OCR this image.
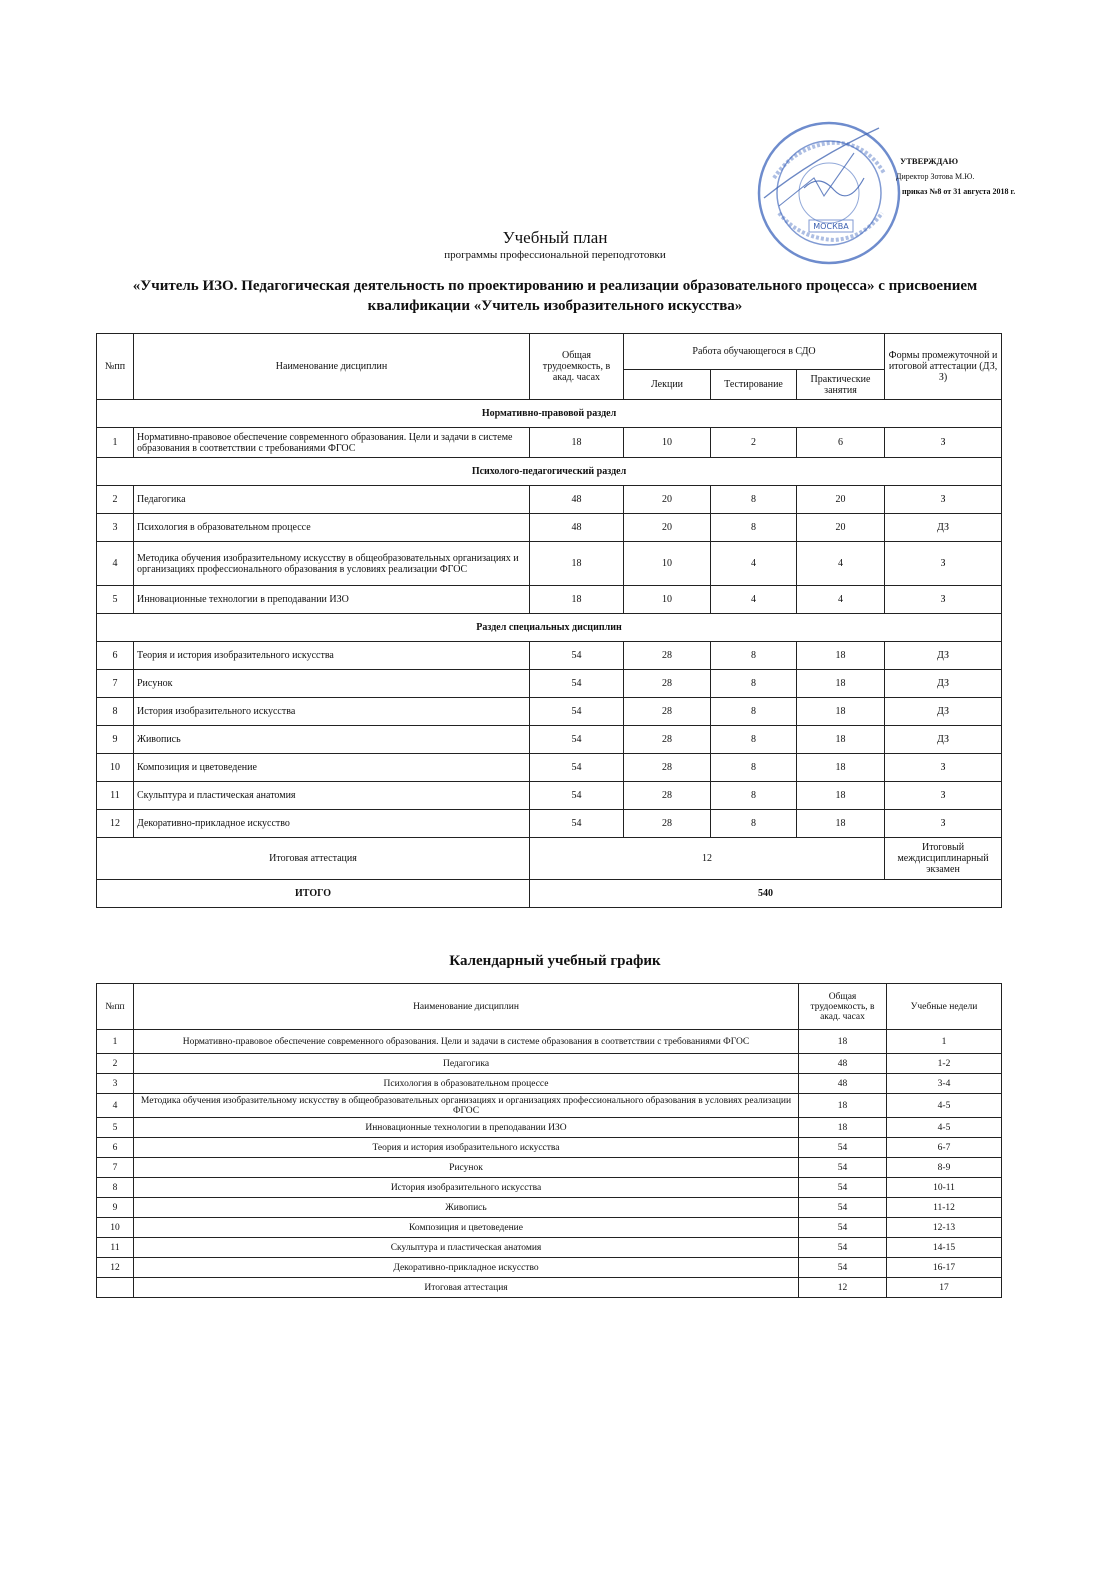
МОСКВА
УТВЕРЖДАЮ
Директор Зотова М.Ю.
приказ №8 от 31 августа 2018 г.
Учебный план
программы профессиональной переподготовки
«Учитель ИЗО. Педагогическая деятельность по проектированию и реализации образовательного процесса» с присвоением квалификации «Учитель изобразительного искусства»
№пп	Наименование дисциплин	Общая трудоемкость, в акад. часах	Работа обучающегося в СДО			Формы промежуточной и итоговой аттестации (ДЗ, З)
			Лекции	Тестирование	Практические занятия	
Нормативно-правовой раздел						
1	Нормативно-правовое обеспечение современного образования. Цели и задачи в системе образования в соответствии с требованиями ФГОС	18	10	2	6	З
Психолого-педагогический раздел						
2	Педагогика	48	20	8	20	З
3	Психология в образовательном процессе	48	20	8	20	ДЗ
4	Методика обучения изобразительному искусству в общеобразовательных организациях и организациях профессионального образования в условиях реализации ФГОС	18	10	4	4	З
5	Инновационные технологии в преподавании ИЗО	18	10	4	4	З
Раздел специальных дисциплин						
6	Теория и история изобразительного искусства	54	28	8	18	ДЗ
7	Рисунок	54	28	8	18	ДЗ
8	История изобразительного искусства	54	28	8	18	ДЗ
9	Живопись	54	28	8	18	ДЗ
10	Композиция и цветоведение	54	28	8	18	З
11	Скульптура и пластическая анатомия	54	28	8	18	З
12	Декоративно-прикладное искусство	54	28	8	18	З
Итоговая аттестация		12				Итоговый междисциплинарный экзамен
ИТОГО		540				
Календарный учебный график
№пп	Наименование дисциплин	Общая трудоемкость, в акад. часах	Учебные недели
1	Нормативно-правовое обеспечение современного образования. Цели и задачи в системе образования в соответствии с требованиями ФГОС	18	1
2	Педагогика	48	1-2
3	Психология в образовательном процессе	48	3-4
4	Методика обучения изобразительному искусству в общеобразовательных организациях и организациях профессионального образования в условиях реализации ФГОС	18	4-5
5	Инновационные технологии в преподавании ИЗО	18	4-5
6	Теория и история изобразительного искусства	54	6-7
7	Рисунок	54	8-9
8	История изобразительного искусства	54	10-11
9	Живопись	54	11-12
10	Композиция и цветоведение	54	12-13
11	Скульптура и пластическая анатомия	54	14-15
12	Декоративно-прикладное искусство	54	16-17
	Итоговая аттестация	12	17
